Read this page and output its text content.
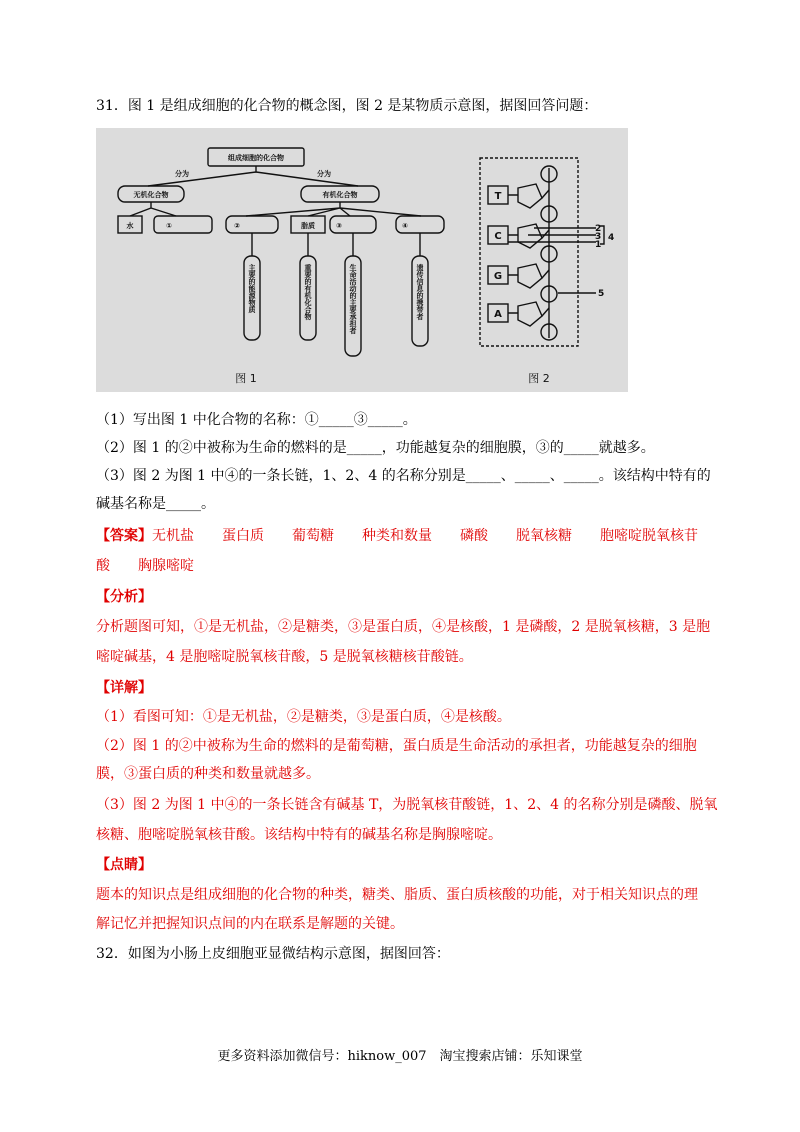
31．图 1 是组成细胞的化合物的概念图，图 2 是某物质示意图，据图回答问题：
组成细胞的化合物
分为	分为
无机化合物	有机化合物
水	①	②	脂质	③	④
主要的能源物质	重要的有机化合物	生命活动的主要承担者	遗传信息的携带者
T
C
G
A
2
3
1
4
5
图 1	图 2
（1）写出图 1 中化合物的名称：①_____③_____。
（2）图 1 的②中被称为生命的燃料的是_____，功能越复杂的细胞膜，③的_____就越多。
（3）图 2 为图 1 中④的一条长链，1、2、4 的名称分别是_____、_____、_____。该结构中特有的
碱基名称是_____。
【答案】无机盐 蛋白质 葡萄糖 种类和数量 磷酸 脱氧核糖 胞嘧啶脱氧核苷
酸 胸腺嘧啶
【分析】
分析题图可知，①是无机盐，②是糖类，③是蛋白质，④是核酸，1 是磷酸，2 是脱氧核糖，3 是胞
嘧啶碱基，4 是胞嘧啶脱氧核苷酸，5 是脱氧核糖核苷酸链。
【详解】
（1）看图可知：①是无机盐，②是糖类，③是蛋白质，④是核酸。
（2）图 1 的②中被称为生命的燃料的是葡萄糖，蛋白质是生命活动的承担者，功能越复杂的细胞
膜，③蛋白质的种类和数量就越多。
（3）图 2 为图 1 中④的一条长链含有碱基 T，为脱氧核苷酸链，1、2、4 的名称分别是磷酸、脱氧
核糖、胞嘧啶脱氧核苷酸。该结构中特有的碱基名称是胸腺嘧啶。
【点睛】
题本的知识点是组成细胞的化合物的种类，糖类、脂质、蛋白质核酸的功能，对于相关知识点的理
解记忆并把握知识点间的内在联系是解题的关键。
32．如图为小肠上皮细胞亚显微结构示意图，据图回答：
更多资料添加微信号：hiknow_007　淘宝搜索店铺：乐知课堂
